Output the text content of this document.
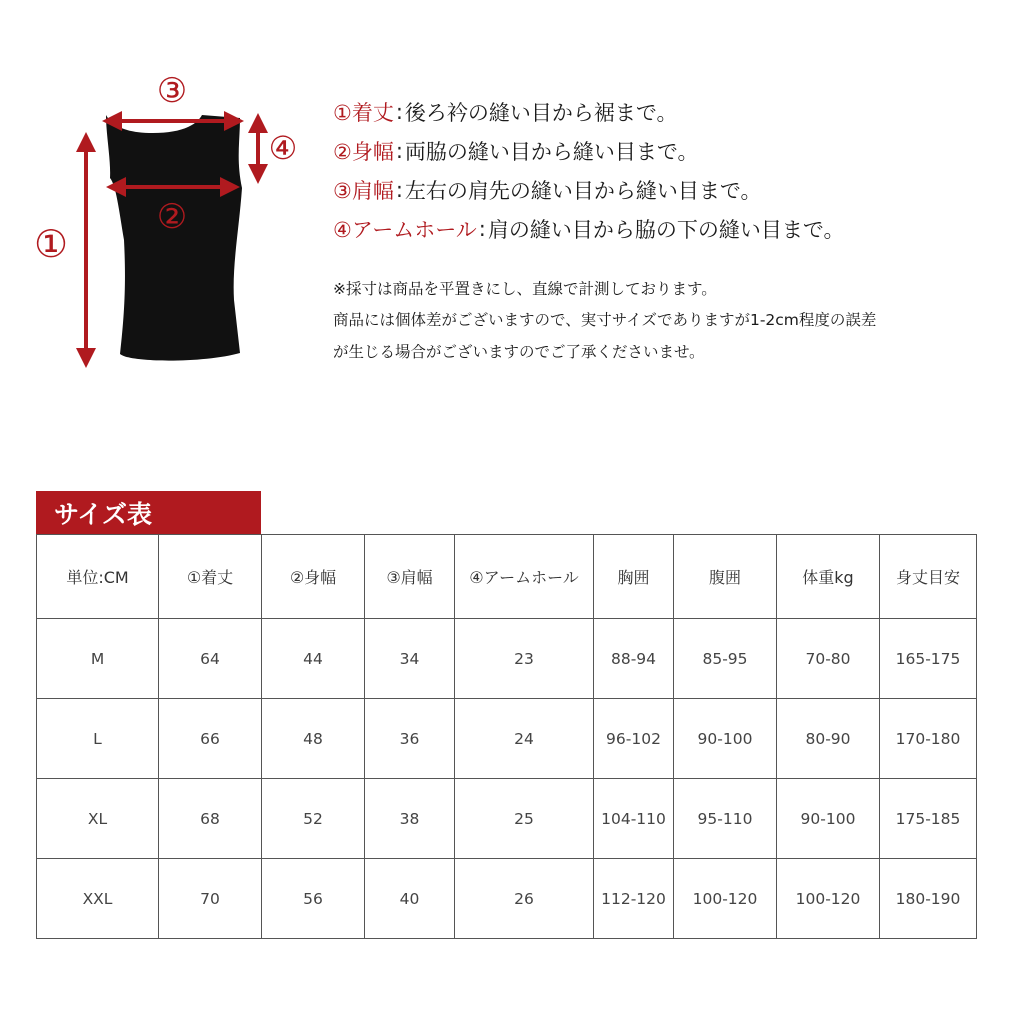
①
②
③
④
①着丈 : 後ろ衿の縫い目から裾まで。
②身幅 : 両脇の縫い目から縫い目まで。
③肩幅 : 左右の肩先の縫い目から縫い目まで。
④アームホール : 肩の縫い目から脇の下の縫い目まで。
※採寸は商品を平置きにし、直線で計測しております。
商品には個体差がございますので、実寸サイズでありますが1-2cm程度の誤差
が生じる場合がございますのでご了承くださいませ。
サイズ表
単位:CM	①着丈	②身幅	③肩幅	④アームホール	胸囲	腹囲	体重kg	身丈目安
M	64	44	34	23	88-94	85-95	70-80	165-175
L	66	48	36	24	96-102	90-100	80-90	170-180
XL	68	52	38	25	104-110	95-110	90-100	175-185
XXL	70	56	40	26	112-120	100-120	100-120	180-190
